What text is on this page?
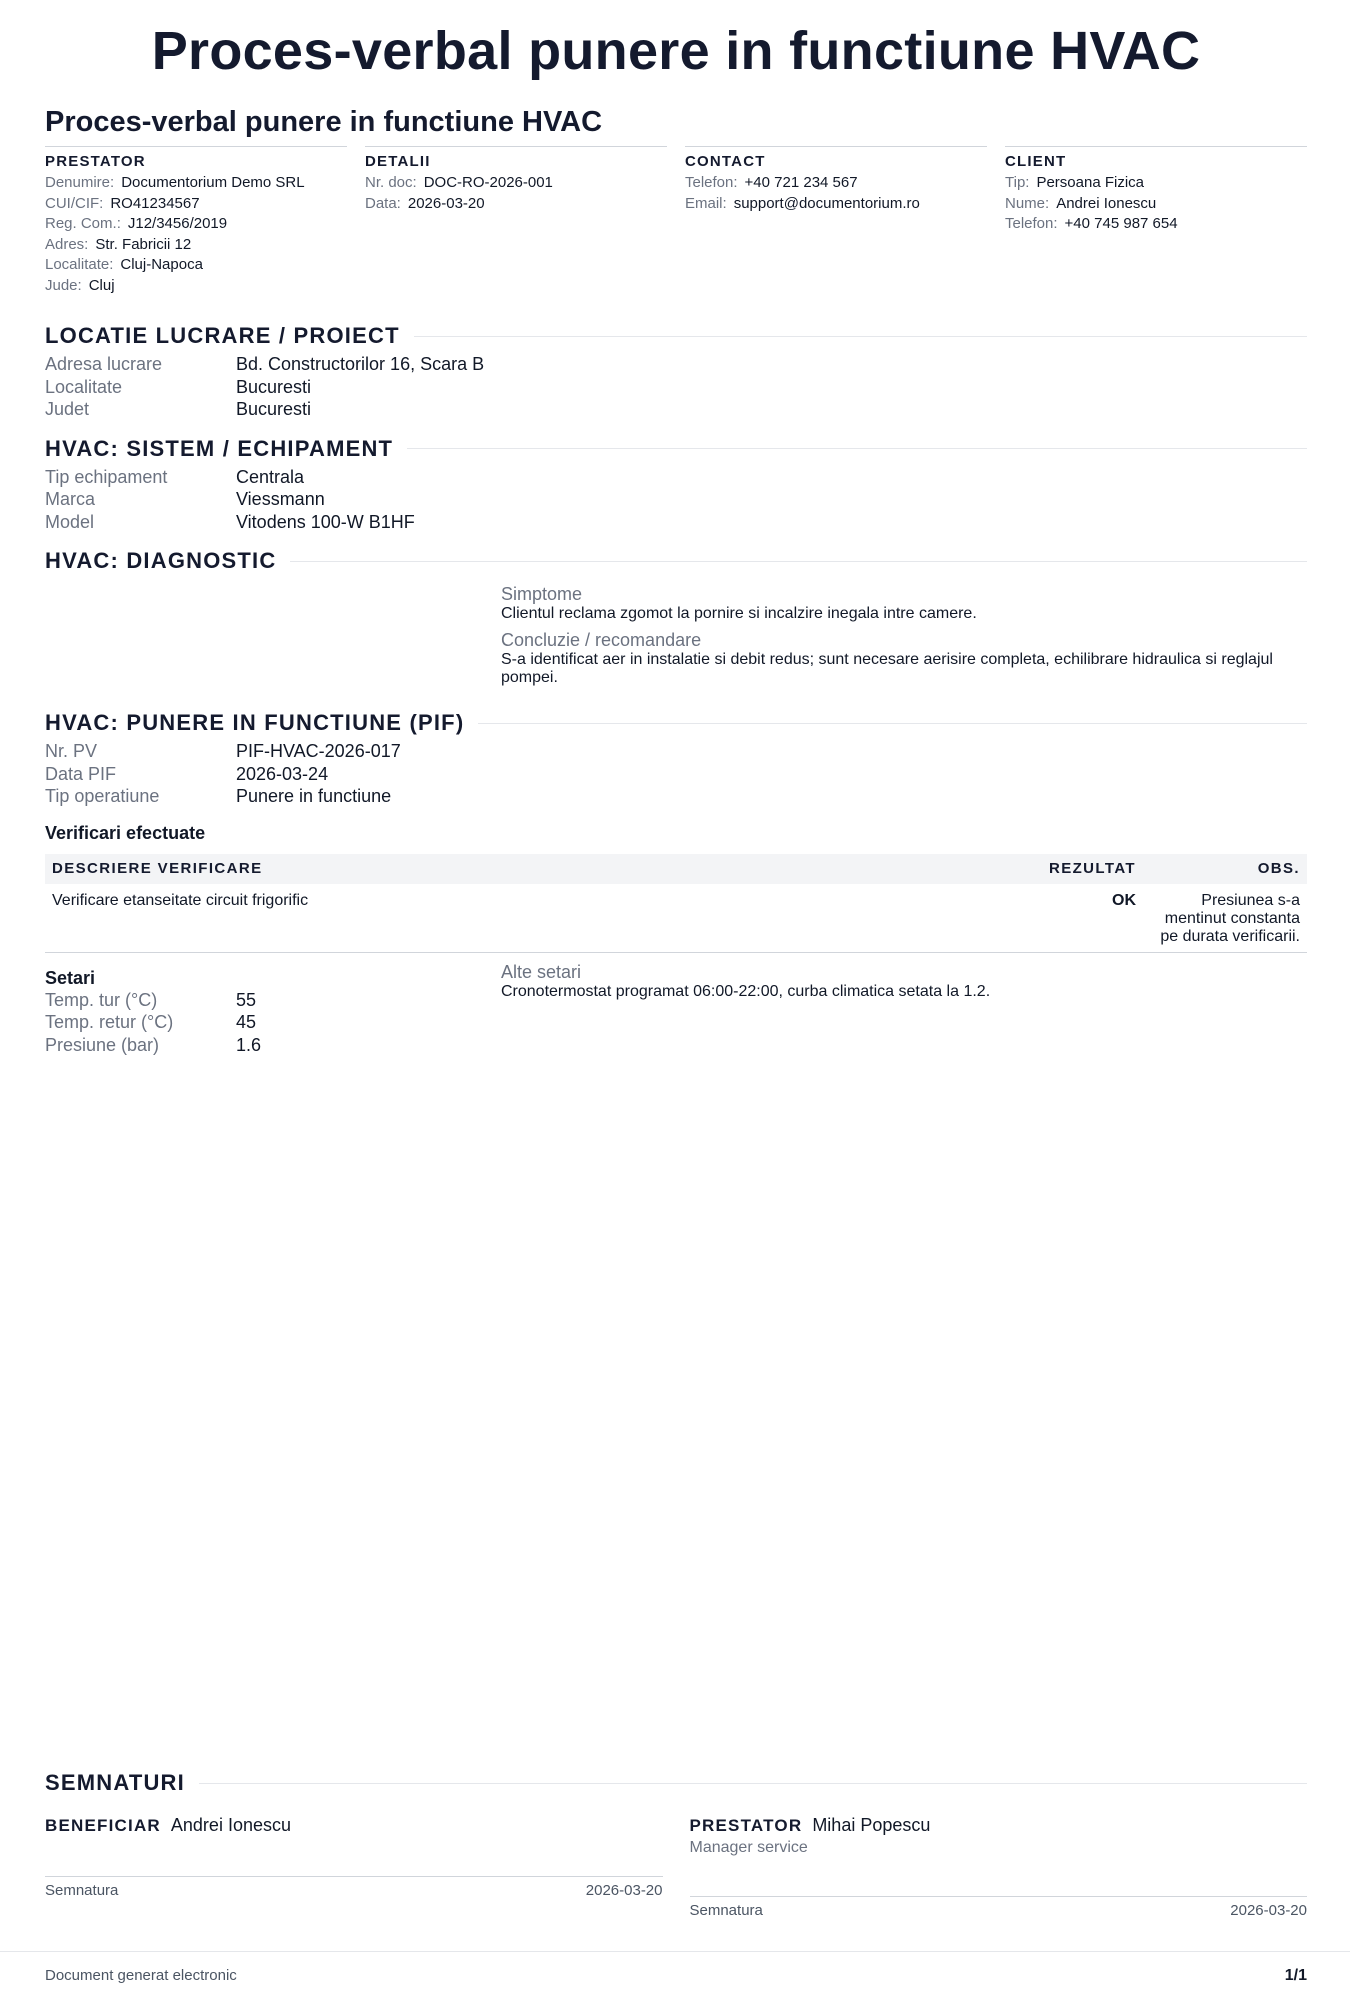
Proces-verbal punere in functiune HVAC
Proces-verbal punere in functiune HVAC
PRESTATOR
Denumire: Documentorium Demo SRL
CUI/CIF: RO41234567
Reg. Com.: J12/3456/2019
Adres: Str. Fabricii 12
Localitate: Cluj-Napoca
Jude: Cluj
DETALII
Nr. doc: DOC-RO-2026-001
Data: 2026-03-20
CONTACT
Telefon: +40 721 234 567
Email: support@documentorium.ro
CLIENT
Tip: Persoana Fizica
Nume: Andrei Ionescu
Telefon: +40 745 987 654
LOCATIE LUCRARE / PROIECT
Adresa lucrare	Bd. Constructorilor 16, Scara B
Localitate	Bucuresti
Judet	Bucuresti
HVAC: SISTEM / ECHIPAMENT
Tip echipament	Centrala
Marca	Viessmann
Model	Vitodens 100-W B1HF
HVAC: DIAGNOSTIC
Simptome
Clientul reclama zgomot la pornire si incalzire inegala intre camere.
Concluzie / recomandare
S-a identificat aer in instalatie si debit redus; sunt necesare aerisire completa, echilibrare hidraulica si reglajul pompei.
HVAC: PUNERE IN FUNCTIUNE (PIF)
Nr. PV	PIF-HVAC-2026-017
Data PIF	2026-03-24
Tip operatiune	Punere in functiune
Verificari efectuate
DESCRIERE VERIFICARE	REZULTAT	OBS.
Verificare etanseitate circuit frigorific	OK	Presiunea s-a mentinut constanta pe durata verificarii.
Setari
Temp. tur (°C)	55
Temp. retur (°C)	45
Presiune (bar)	1.6
Alte setari
Cronotermostat programat 06:00-22:00, curba climatica setata la 1.2.
SEMNATURI
BENEFICIAR Andrei Ionescu
Semnatura	2026-03-20
PRESTATOR Mihai Popescu
Manager service
Semnatura	2026-03-20
Document generat electronic	1/1
